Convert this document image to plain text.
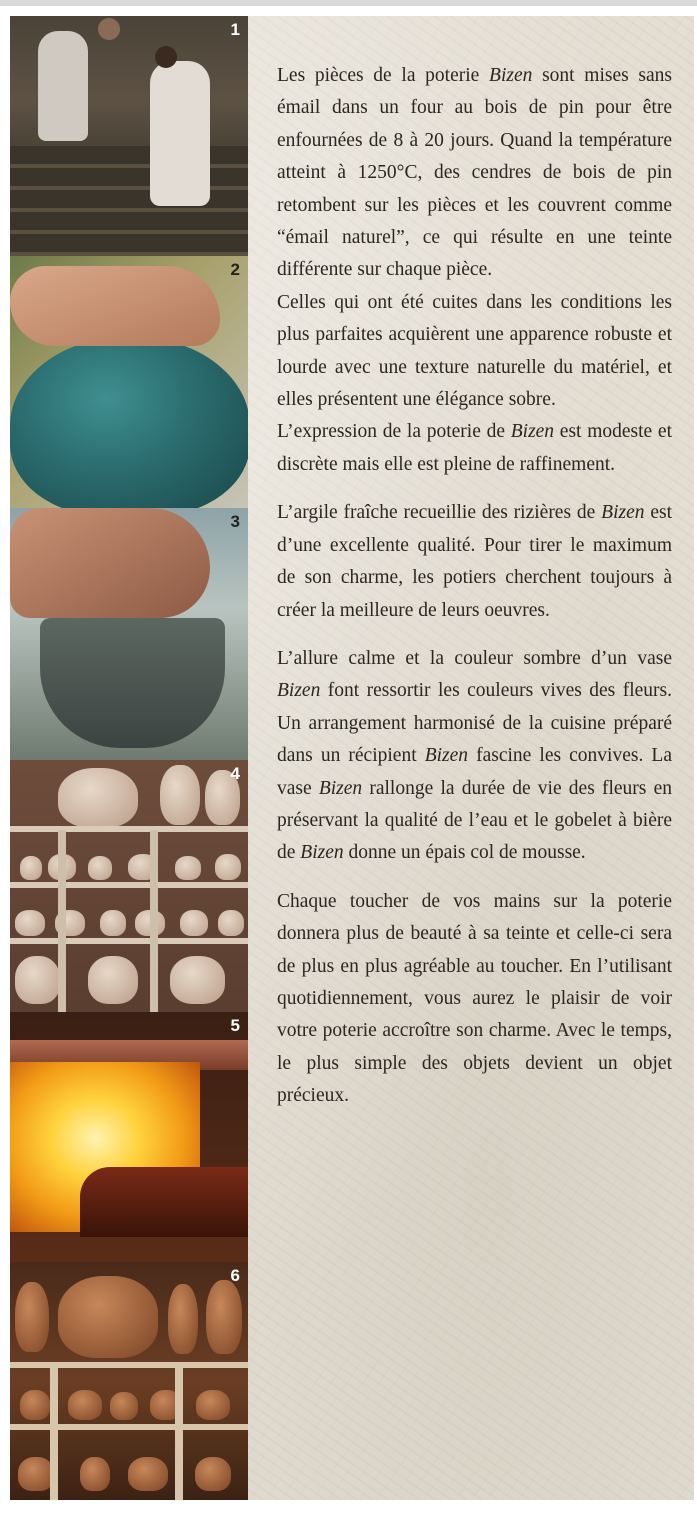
1
2
3
4
5
6

Les pièces de la poterie Bizen sont mises sans émail dans un four au bois de pin pour être enfournées de 8 à 20 jours. Quand la température atteint à 1250°C, des cendres de bois de pin retombent sur les pièces et les couvrent comme “émail naturel”, ce qui résulte en une teinte différente sur chaque pièce.

Celles qui ont été cuites dans les conditions les plus parfaites acquièrent une apparence robuste et lourde avec une texture naturelle du matériel, et elles présentent une élégance sobre.

L’expression de la poterie de Bizen est modeste et discrète mais elle est pleine de raffinement.

L’argile fraîche recueillie des rizières de Bizen est d’une excellente qualité. Pour tirer le maximum de son charme, les potiers cherchent toujours à créer la meilleure de leurs oeuvres.

L’allure calme et la couleur sombre d’un vase Bizen font ressortir les couleurs vives des fleurs. Un arrangement harmonisé de la cuisine préparé dans un récipient Bizen fascine les convives. La vase Bizen rallonge la durée de vie des fleurs en préservant la qualité de l’eau et le gobelet à bière de Bizen donne un épais col de mousse.

Chaque toucher de vos mains sur la poterie donnera plus de beauté à sa teinte et celle-ci sera de plus en plus agréable au toucher. En l’utilisant quotidiennement, vous aurez le plaisir de voir votre poterie accroître son charme. Avec le temps, le plus simple des objets devient un objet précieux.
